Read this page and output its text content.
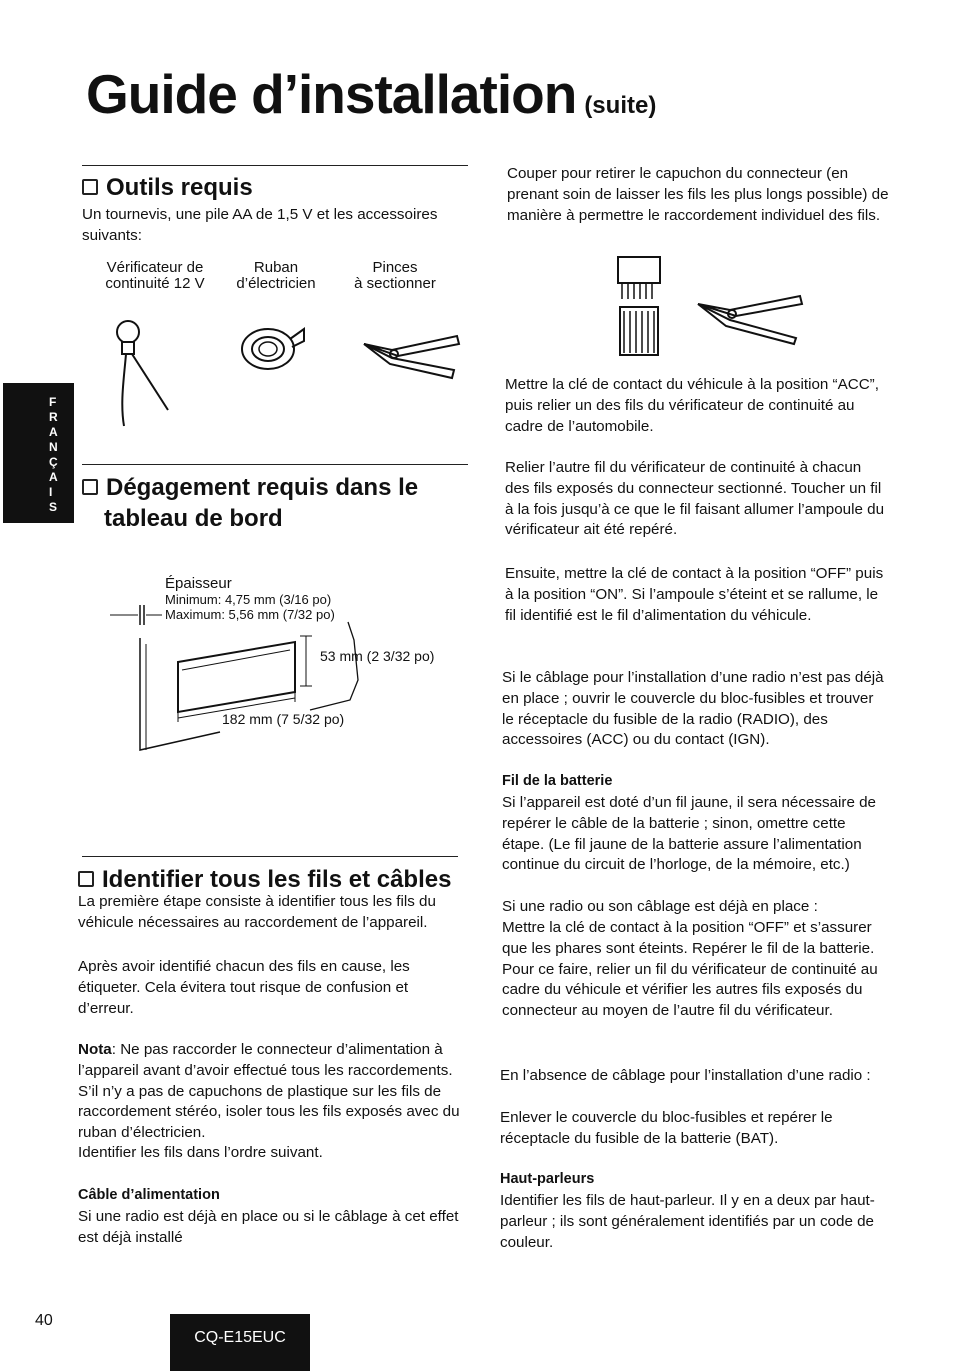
Guide d’installation (suite)
F
R
A
N
Ç
A
I
S
Outils requis
Un tournevis, une pile AA de 1,5 V et les accessoires suivants:
Vérificateur de
continuité 12 V
Ruban
d’électricien
Pinces
à sectionner
Dégagement requis dans le
tableau de bord
Épaisseur
Minimum: 4,75 mm (3/16 po)
Maximum: 5,56 mm (7/32 po)
53 mm (2 3/32 po)
182 mm (7 5/32 po)
Identifier tous les fils et câbles
La première étape consiste à identifier tous les fils du véhicule nécessaires au raccordement de l’appareil.
Après avoir identifié chacun des fils en cause, les étiqueter. Cela évitera tout risque de confusion et d’erreur.
Nota: Ne pas raccorder le connecteur d’alimentation à l’appareil avant d’avoir effectué tous les raccordements. S’il n’y a pas de capuchons de plastique sur les fils de raccordement stéréo, isoler tous les fils exposés avec du ruban d’électricien.
Identifier les fils dans l’ordre suivant.
Câble d’alimentation
Si une radio est déjà en place ou si le câblage à cet effet est déjà installé
Couper pour retirer le capuchon du connecteur (en prenant soin de laisser les fils les plus longs possible) de manière à permettre le raccordement individuel des fils.
Mettre la clé de contact du véhicule à la position “ACC”, puis relier un des fils du vérificateur de continuité au cadre de l’automobile.
Relier l’autre fil du vérificateur de continuité à chacun des fils exposés du connecteur sectionné. Toucher un fil à la fois jusqu’à ce que le fil faisant allumer l’ampoule du vérificateur ait été repéré.
Ensuite, mettre la clé de contact à la position “OFF” puis à la position “ON”. Si l’ampoule s’éteint et se rallume, le fil identifié est le fil d’alimentation du véhicule.
Si le câblage pour l’installation d’une radio n’est pas déjà en place ; ouvrir le couvercle du bloc-fusibles et trouver le réceptacle du fusible de la radio (RADIO), des accessoires (ACC) ou du contact (IGN).
Fil de la batterie
Si l’appareil est doté d’un fil jaune, il sera nécessaire de repérer le câble de la batterie ; sinon, omettre cette étape. (Le fil jaune de la batterie assure l’alimentation continue du circuit de l’horloge, de la mémoire, etc.)
Si une radio ou son câblage est déjà en place :
Mettre la clé de contact à la position “OFF” et s’assurer que les phares sont éteints. Repérer le fil de la batterie. Pour ce faire, relier un fil du vérificateur de continuité au cadre du véhicule et vérifier les autres fils exposés du connecteur au moyen de l’autre fil du vérificateur.
En l’absence de câblage pour l’installation d’une radio :
Enlever le couvercle du bloc-fusibles et repérer le réceptacle du fusible de la batterie (BAT).
Haut-parleurs
Identifier les fils de haut-parleur. Il y en a deux par haut-parleur ; ils sont généralement identifiés par un code de couleur.
40
CQ-E15EUC
